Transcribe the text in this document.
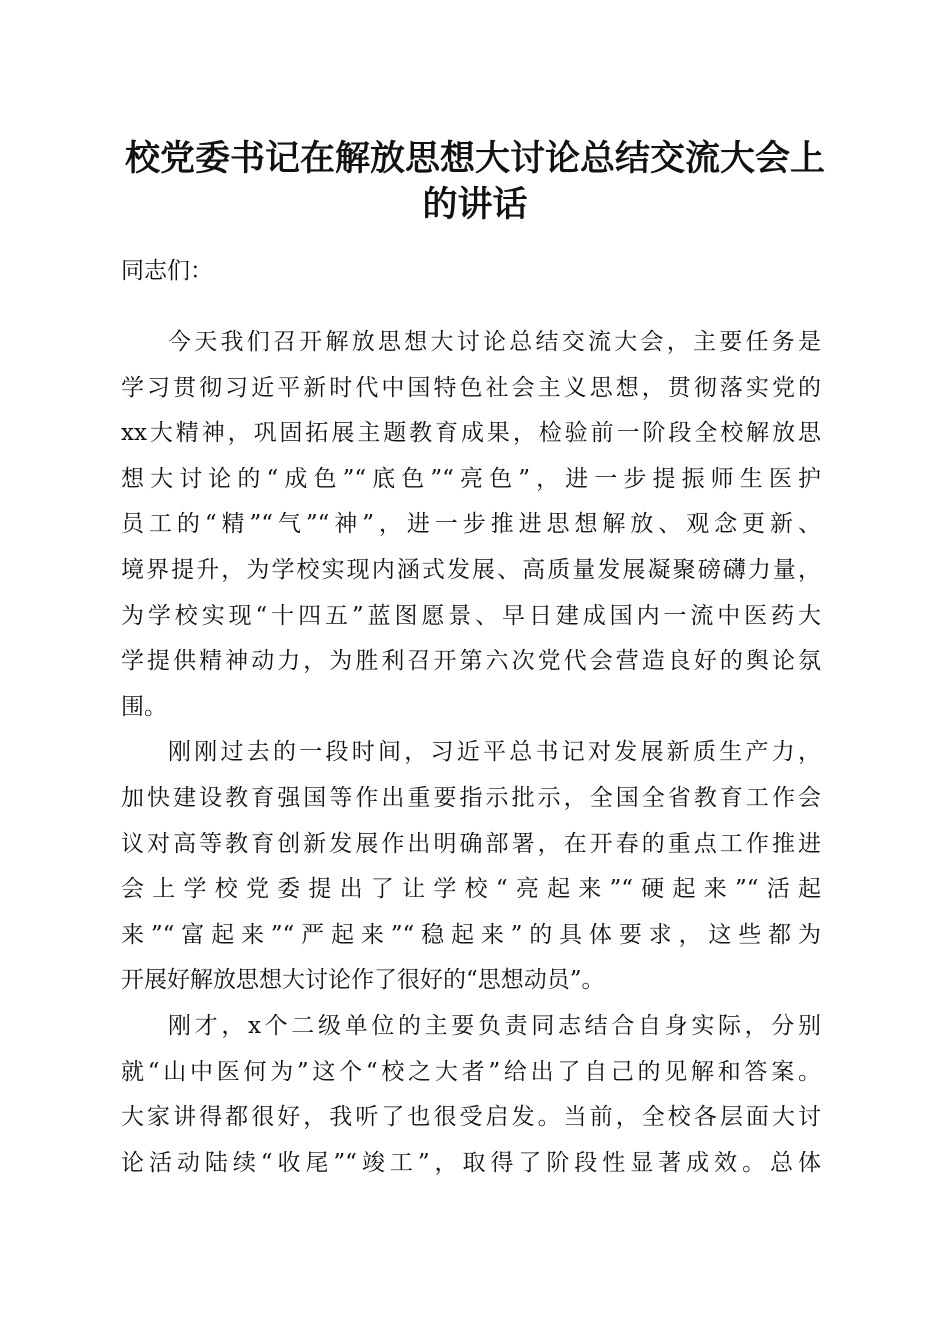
校党委书记在解放思想大讨论总结交流大会上
的讲话
同志们：
今天我们召开解放思想大讨论总结交流大会，主要任务是
学习贯彻习近平新时代中国特色社会主义思想，贯彻落实党的
xx大精神，巩固拓展主题教育成果，检验前一阶段全校解放思
想大讨论的“成色”“底色”“亮色”，进一步提振师生医护
员工的“精”“气”“神”，进一步推进思想解放、观念更新、
境界提升，为学校实现内涵式发展、高质量发展凝聚磅礴力量，
为学校实现“十四五”蓝图愿景、早日建成国内一流中医药大
学提供精神动力，为胜利召开第六次党代会营造良好的舆论氛
围。
刚刚过去的一段时间，习近平总书记对发展新质生产力，
加快建设教育强国等作出重要指示批示，全国全省教育工作会
议对高等教育创新发展作出明确部署，在开春的重点工作推进
会上学校党委提出了让学校“亮起来”“硬起来”“活起
来”“富起来”“严起来”“稳起来”的具体要求，这些都为
开展好解放思想大讨论作了很好的“思想动员”。
刚才，x个二级单位的主要负责同志结合自身实际，分别
就“山中医何为”这个“校之大者”给出了自己的见解和答案。
大家讲得都很好，我听了也很受启发。当前，全校各层面大讨
论活动陆续“收尾”“竣工”，取得了阶段性显著成效。总体
